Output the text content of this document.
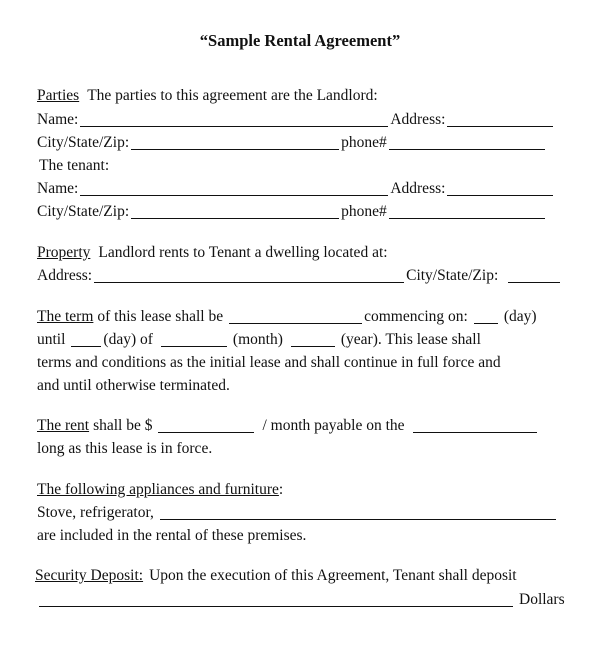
“Sample Rental Agreement”
Parties The parties to this agreement are the Landlord:
Name:	Address:
City/State/Zip:	phone#
The tenant:
Name:	Address:
City/State/Zip:	phone#
Property Landlord rents to Tenant a dwelling located at:
Address:	City/State/Zip:
The term of this lease shall be	commencing on: (day)
until (day) of	(month)	(year). This lease shall
terms and conditions as the initial lease and shall continue in full force and
and until otherwise terminated.
The rent shall be $	/ month payable on the
long as this lease is in force.
The following appliances and furniture :
Stove, refrigerator,
are included in the rental of these premises.
Security Deposit: Upon the execution of this Agreement, Tenant shall deposit
Dollars
